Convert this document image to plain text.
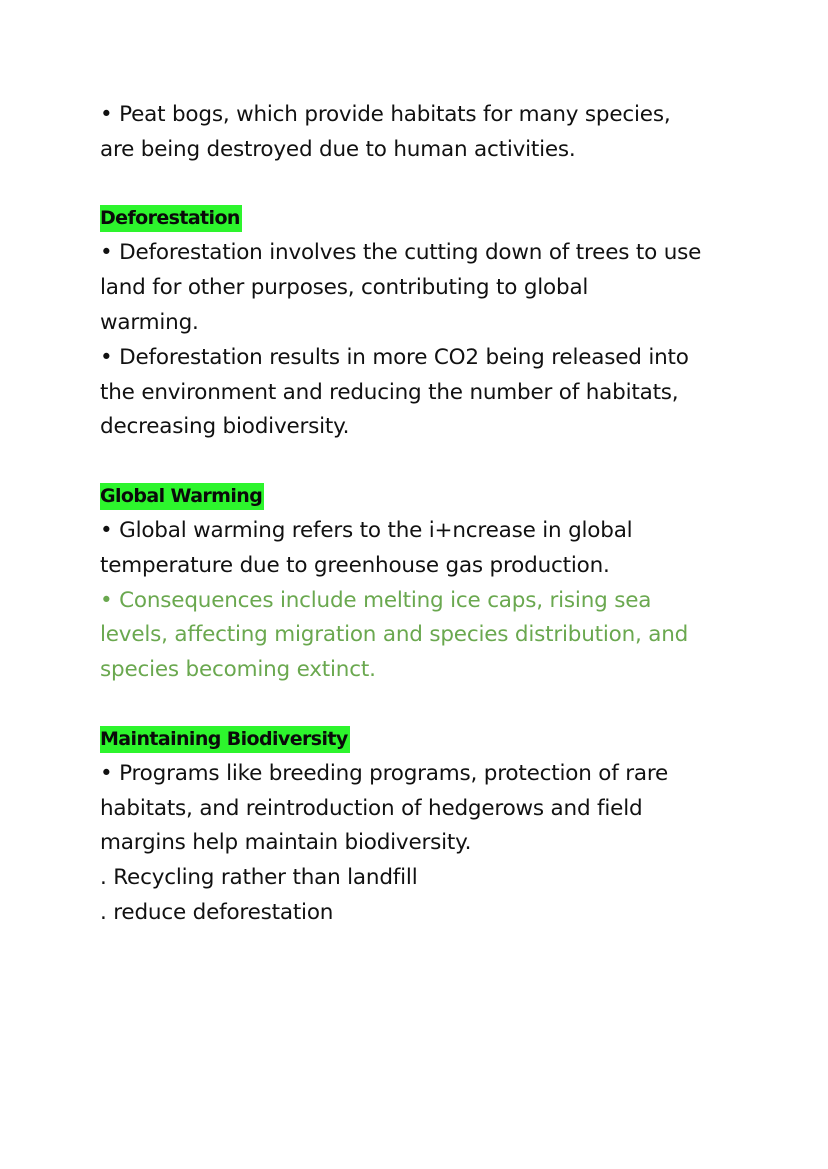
• Peat bogs, which provide habitats for many species,
are being destroyed due to human activities.
Deforestation
• Deforestation involves the cutting down of trees to use
land for other purposes, contributing to global
warming.
• Deforestation results in more CO2 being released into
the environment and reducing the number of habitats,
decreasing biodiversity.
Global Warming
• Global warming refers to the i+ncrease in global
temperature due to greenhouse gas production.
• Consequences include melting ice caps, rising sea
levels, affecting migration and species distribution, and
species becoming extinct.
Maintaining Biodiversity
• Programs like breeding programs, protection of rare
habitats, and reintroduction of hedgerows and field
margins help maintain biodiversity.
. Recycling rather than landfill
. reduce deforestation
